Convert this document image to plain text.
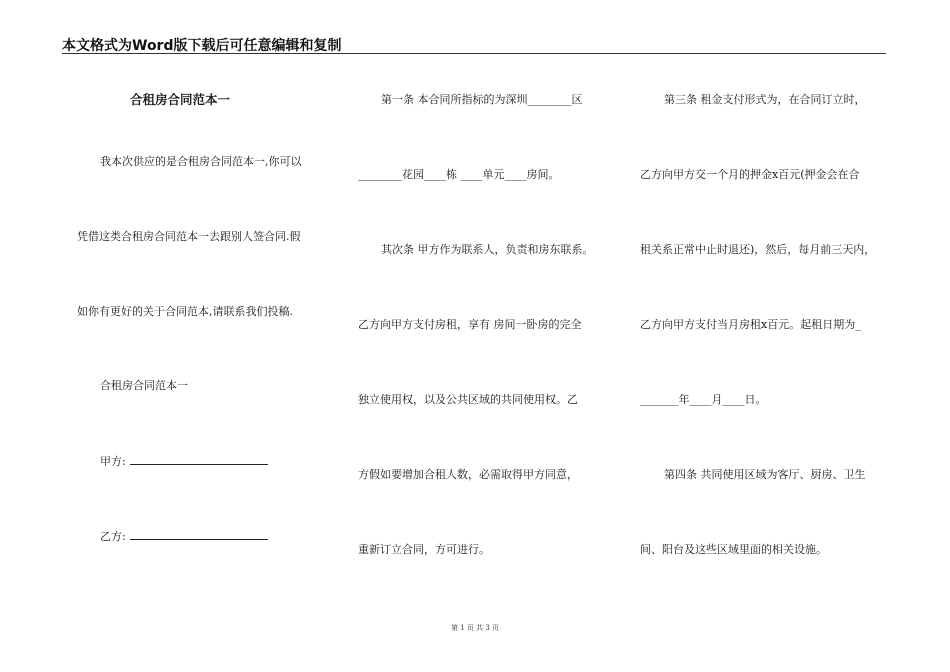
本文格式为Word版下载后可任意编辑和复制
合租房合同范本一
我本次供应的是合租房合同范本一,你可以
凭借这类合租房合同范本一去跟别人签合同.假
如你有更好的关于合同范本,请联系我们投稿.
合租房合同范本一
甲方:
乙方:
第一条 本合同所指标的为深圳________区
________花园____栋 ____单元____房间。
其次条 甲方作为联系人，负责和房东联系。
乙方向甲方支付房租，享有 房间一卧房的完全
独立使用权，以及公共区域的共同使用权。乙
方假如要增加合租人数，必需取得甲方同意，
重新订立合同，方可进行。
第三条 租金支付形式为，在合同订立时，
乙方向甲方交一个月的押金x百元(押金会在合
租关系正常中止时退还)，然后，每月前三天内，
乙方向甲方支付当月房租x百元。起租日期为_
_______年____月____日。
第四条 共同使用区域为客厅、厨房、卫生
间、阳台及这些区域里面的相关设施。
第 1 页 共 3 页
